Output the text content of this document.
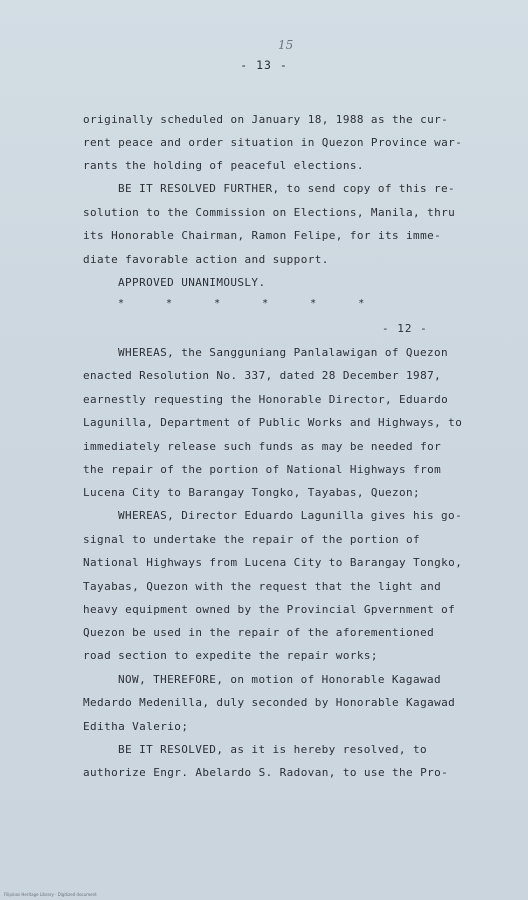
15
- 13 -
originally scheduled on January 18, 1988 as the cur-
rent peace and order situation in Quezon Province war-
rants the holding of peaceful elections.
BE IT RESOLVED FURTHER, to send copy of this re-
solution to the Commission on Elections, Manila, thru
its Honorable Chairman, Ramon Felipe, for its imme-
diate favorable action and support.
APPROVED UNANIMOUSLY.
* * * * * *
- 12 -
WHEREAS, the Sangguniang Panlalawigan of Quezon
enacted Resolution No. 337, dated 28 December 1987,
earnestly requesting the Honorable Director, Eduardo
Lagunilla, Department of Public Works and Highways, to
immediately release such funds as may be needed for
the repair of the portion of National Highways from
Lucena City to Barangay Tongko, Tayabas, Quezon;
WHEREAS, Director Eduardo Lagunilla gives his go-
signal to undertake the repair of the portion of
National Highways from Lucena City to Barangay Tongko,
Tayabas, Quezon with the request that the light and
heavy equipment owned by the Provincial Gpvernment of
Quezon be used in the repair of the aforementioned
road section to expedite the repair works;
NOW, THEREFORE, on motion of Honorable Kagawad
Medardo Medenilla, duly seconded by Honorable Kagawad
Editha Valerio;
BE IT RESOLVED, as it is hereby resolved, to
authorize Engr. Abelardo S. Radovan, to use the Pro-
Filipinas Heritage Library · Digitized document
